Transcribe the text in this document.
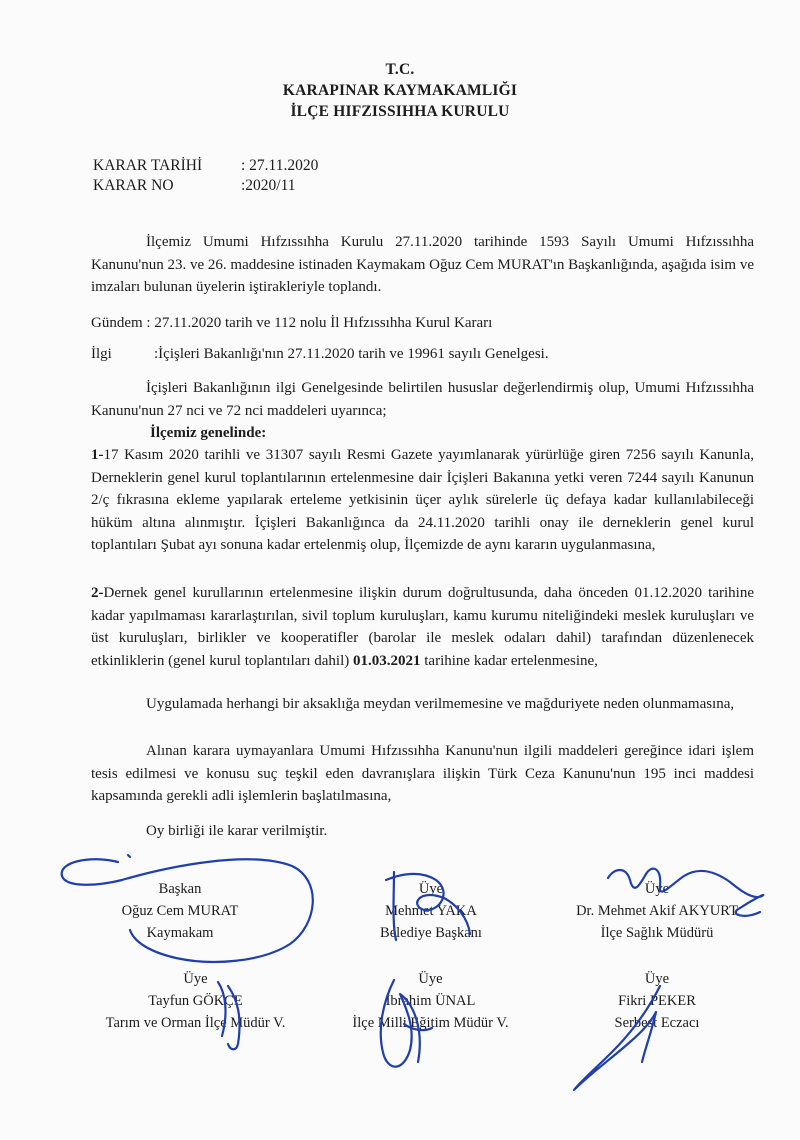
T.C.
KARAPINAR KAYMAKAMLIĞI
İLÇE HIFZISSIHHA KURULU
KARAR TARİHİ	: 27.11.2020
KARAR NO	:2020/11

İlçemiz Umumi Hıfzıssıhha Kurulu 27.11.2020 tarihinde 1593 Sayılı Umumi Hıfzıssıhha Kanunu'nun 23. ve 26. maddesine istinaden Kaymakam Oğuz Cem MURAT'ın Başkanlığında, aşağıda isim ve imzaları bulunan üyelerin iştirakleriyle toplandı.

Gündem : 27.11.2020 tarih ve 112 nolu İl Hıfzıssıhha Kurul Kararı
İlgi	:İçişleri Bakanlığı'nın 27.11.2020 tarih ve 19961 sayılı Genelgesi.

İçişleri Bakanlığının ilgi Genelgesinde belirtilen hususlar değerlendirmiş olup, Umumi Hıfzıssıhha Kanunu'nun 27 nci ve 72 nci maddeleri uyarınca;

İlçemiz genelinde:

1-17 Kasım 2020 tarihli ve 31307 sayılı Resmi Gazete yayımlanarak yürürlüğe giren 7256 sayılı Kanunla, Derneklerin genel kurul toplantılarının ertelenmesine dair İçişleri Bakanına yetki veren 7244 sayılı Kanunun 2/ç fıkrasına ekleme yapılarak erteleme yetkisinin üçer aylık sürelerle üç defaya kadar kullanılabileceği hüküm altına alınmıştır. İçişleri Bakanlığınca da 24.11.2020 tarihli onay ile derneklerin genel kurul toplantıları Şubat ayı sonuna kadar ertelenmiş olup, İlçemizde de aynı kararın uygulanmasına,

2-Dernek genel kurullarının ertelenmesine ilişkin durum doğrultusunda, daha önceden 01.12.2020 tarihine kadar yapılmaması kararlaştırılan, sivil toplum kuruluşları, kamu kurumu niteliğindeki meslek kuruluşları ve üst kuruluşları, birlikler ve kooperatifler (barolar ile meslek odaları dahil) tarafından düzenlenecek etkinliklerin (genel kurul toplantıları dahil) 01.03.2021 tarihine kadar ertelenmesine,

Uygulamada herhangi bir aksaklığa meydan verilmemesine ve mağduriyete neden olunmamasına,

Alınan karara uymayanlara Umumi Hıfzıssıhha Kanunu'nun ilgili maddeleri gereğince idari işlem tesis edilmesi ve konusu suç teşkil eden davranışlara ilişkin Türk Ceza Kanunu'nun 195 inci maddesi kapsamında gerekli adli işlemlerin başlatılmasına,

Oy birliği ile karar verilmiştir.
Başkan
Oğuz Cem MURAT
Kaymakam
Üye
Mehmet YAKA
Belediye Başkanı
Üye
Dr. Mehmet Akif AKYURT
İlçe Sağlık Müdürü
Üye
Tayfun GÖKÇE
Tarım ve Orman İlçe Müdür V.
Üye
İbrahim ÜNAL
İlçe Milli Eğitim Müdür V.
Üye
Fikri PEKER
Serbest Eczacı
